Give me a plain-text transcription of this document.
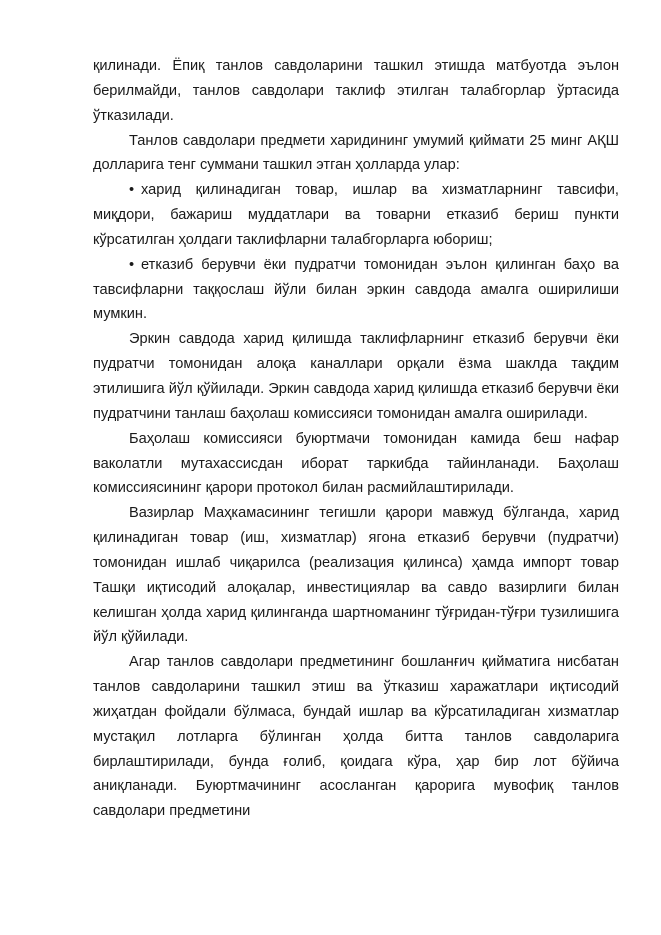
қилинади. Ёпиқ танлов савдоларини ташкил этишда матбуотда эълон берилмайди, танлов савдолари таклиф этилган талабгорлар ўртасида ўтказилади.

Танлов савдолари предмети харидининг умумий қиймати 25 минг АҚШ долларига тенг суммани ташкил этган ҳолларда улар:

• харид қилинадиган товар, ишлар ва хизматларнинг тавсифи, миқдори, бажариш муддатлари ва товарни етказиб бериш пункти кўрсатилган ҳолдаги таклифларни талабгорларга юбориш;

• етказиб берувчи ёки пудратчи томонидан эълон қилинган баҳо ва тавсифларни таққослаш йўли билан эркин савдода амалга оширилиши мумкин.

Эркин савдода харид қилишда таклифларнинг етказиб берувчи ёки пудратчи томонидан алоқа каналлари орқали ёзма шаклда тақдим этилишига йўл қўйилади. Эркин савдода харид қилишда етказиб берувчи ёки пудратчини танлаш баҳолаш комиссияси томонидан амалга оширилади.

Баҳолаш комиссияси буюртмачи томонидан камида беш нафар ваколатли мутахассисдан иборат таркибда тайинланади. Баҳолаш комиссиясининг қарори протокол билан расмийлаштирилади.

Вазирлар Маҳкамасининг тегишли қарори мавжуд бўлганда, харид қилинадиган товар (иш, хизматлар) ягона етказиб берувчи (пудратчи) томонидан ишлаб чиқарилса (реализация қилинса) ҳамда импорт товар Ташқи иқтисодий алоқалар, инвестициялар ва савдо вазирлиги билан келишган ҳолда харид қилинганда шартноманинг тўғридан-тўғри тузилишига йўл қўйилади.

Агар танлов савдолари предметининг бошланғич қийматига нисбатан танлов савдоларини ташкил этиш ва ўтказиш харажатлари иқтисодий жиҳатдан фойдали бўлмаса, бундай ишлар ва кўрсатиладиган хизматлар мустақил лотларга бўлинган ҳолда битта танлов савдоларига бирлаштирилади, бунда ғолиб, қоидага кўра, ҳар бир лот бўйича аниқланади. Буюртмачининг асосланган қарорига мувофиқ танлов савдолари предметини
